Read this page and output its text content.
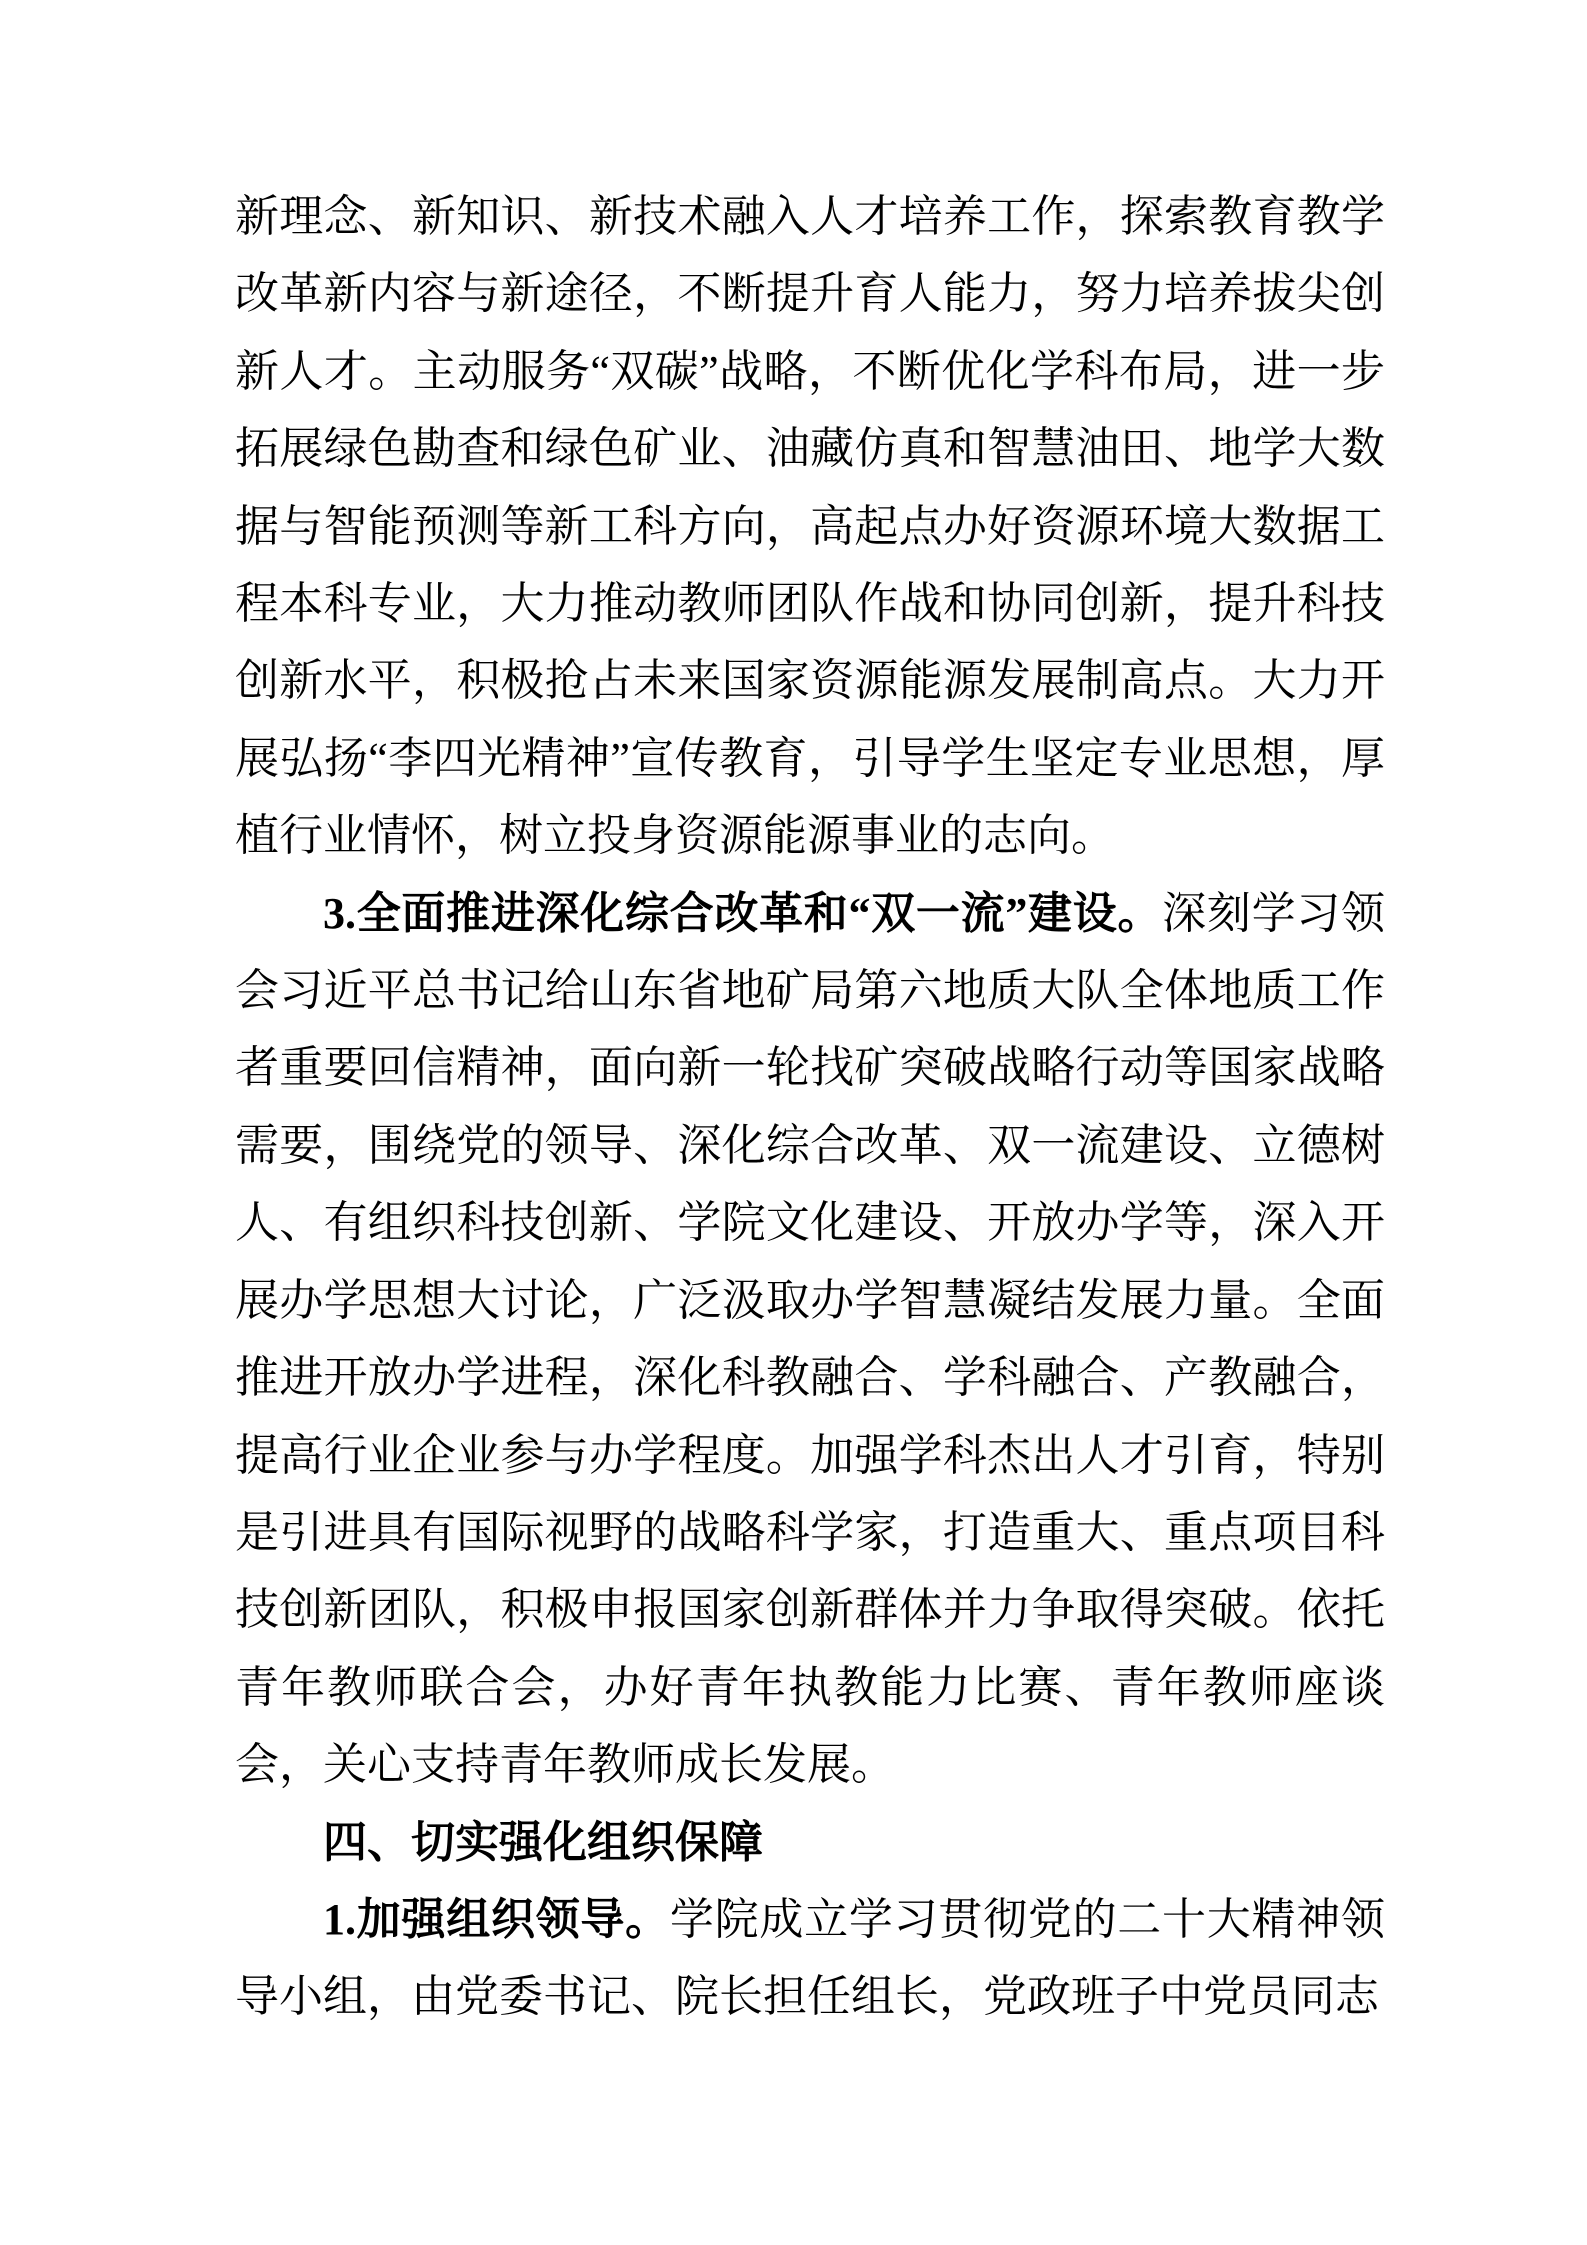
新理念、新知识、新技术融入人才培养工作，探索教育教学改革新内容与新途径，不断提升育人能力，努力培养拔尖创新人才。主动服务“双碳”战略，不断优化学科布局，进一步拓展绿色勘查和绿色矿业、油藏仿真和智慧油田、地学大数据与智能预测等新工科方向，高起点办好资源环境大数据工程本科专业，大力推动教师团队作战和协同创新，提升科技创新水平，积极抢占未来国家资源能源发展制高点。大力开展弘扬“李四光精神”宣传教育，引导学生坚定专业思想，厚植行业情怀，树立投身资源能源事业的志向。

3.全面推进深化综合改革和“双一流”建设。深刻学习领会习近平总书记给山东省地矿局第六地质大队全体地质工作者重要回信精神，面向新一轮找矿突破战略行动等国家战略需要，围绕党的领导、深化综合改革、双一流建设、立德树人、有组织科技创新、学院文化建设、开放办学等，深入开展办学思想大讨论，广泛汲取办学智慧凝结发展力量。全面推进开放办学进程，深化科教融合、学科融合、产教融合，提高行业企业参与办学程度。加强学科杰出人才引育，特别是引进具有国际视野的战略科学家，打造重大、重点项目科技创新团队，积极申报国家创新群体并力争取得突破。依托青年教师联合会，办好青年执教能力比赛、青年教师座谈会，关心支持青年教师成长发展。

四、切实强化组织保障

1.加强组织领导。学院成立学习贯彻党的二十大精神领导小组，由党委书记、院长担任组长，党政班子中党员同志
